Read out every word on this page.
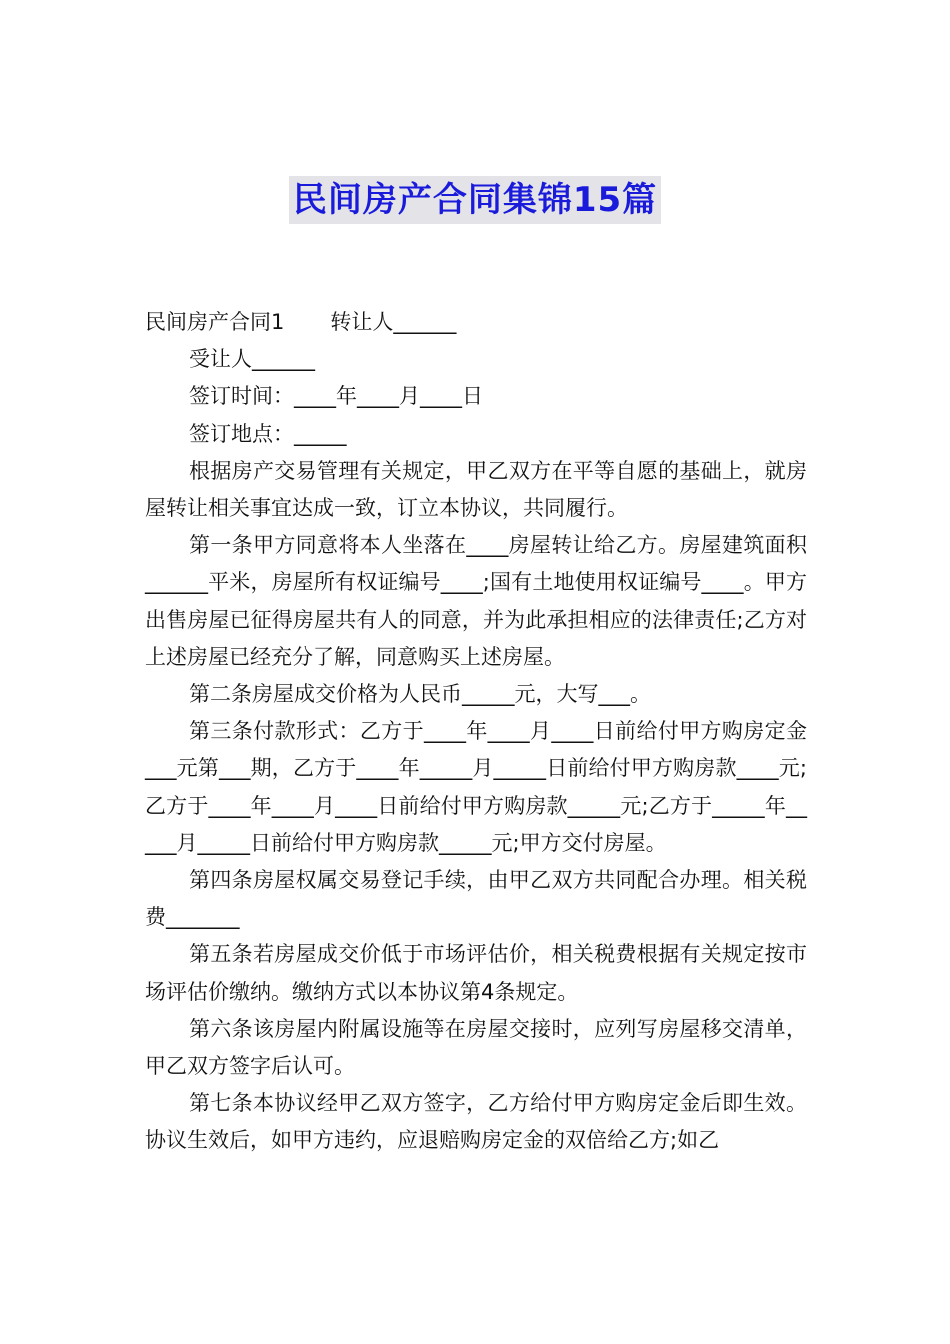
民间房产合同集锦15篇

民间房产合同1 转让人______

受让人______

签订时间：____年____月____日

签订地点：_____

根据房产交易管理有关规定，甲乙双方在平等自愿的基础上，就房屋转让相关事宜达成一致，订立本协议，共同履行。

第一条甲方同意将本人坐落在____房屋转让给乙方。房屋建筑面积______平米，房屋所有权证编号____;国有土地使用权证编号____。甲方出售房屋已征得房屋共有人的同意，并为此承担相应的法律责任;乙方对上述房屋已经充分了解，同意购买上述房屋。

第二条房屋成交价格为人民币_____元，大写___。

第三条付款形式：乙方于____年____月____日前给付甲方购房定金___元第___期，乙方于____年_____月_____日前给付甲方购房款____元;乙方于____年____月____日前给付甲方购房款_____元;乙方于_____年_____月_____日前给付甲方购房款_____元;甲方交付房屋。

第四条房屋权属交易登记手续，由甲乙双方共同配合办理。相关税费_______

第五条若房屋成交价低于市场评估价，相关税费根据有关规定按市场评估价缴纳。缴纳方式以本协议第4条规定。

第六条该房屋内附属设施等在房屋交接时，应列写房屋移交清单，甲乙双方签字后认可。

第七条本协议经甲乙双方签字，乙方给付甲方购房定金后即生效。协议生效后，如甲方违约，应退赔购房定金的双倍给乙方;如乙
